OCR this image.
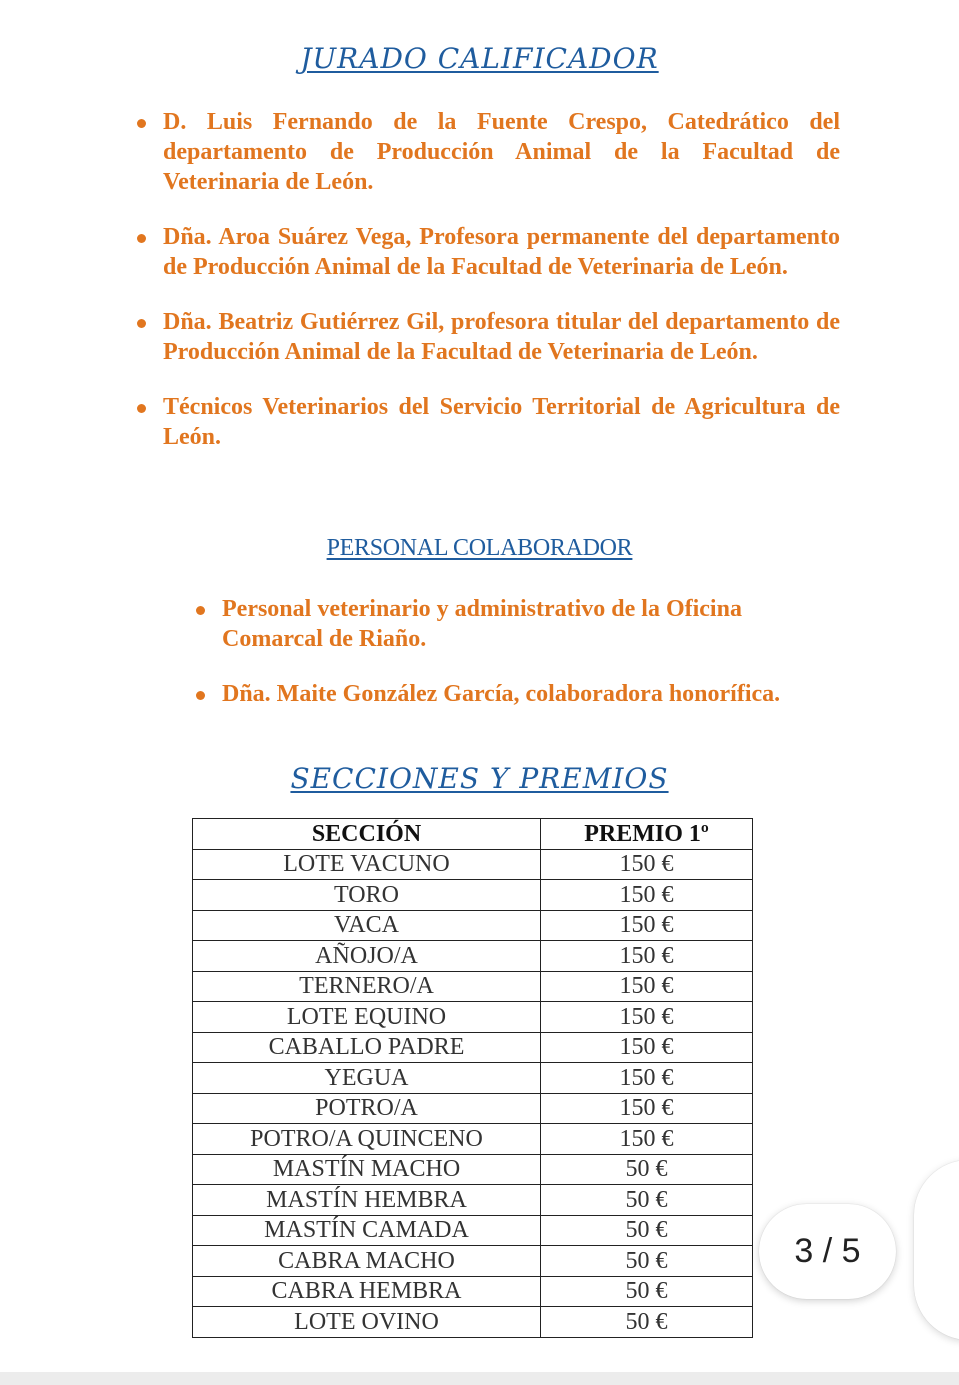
JURADO CALIFICADOR
D. Luis Fernando de la Fuente Crespo, Catedrático del departamento de Producción Animal de la Facultad de Veterinaria de León.
Dña. Aroa Suárez Vega, Profesora permanente del departamento de Producción Animal de la Facultad de Veterinaria de León.
Dña. Beatriz Gutiérrez Gil, profesora titular del departamento de Producción Animal de la Facultad de Veterinaria de León.
Técnicos Veterinarios del Servicio Territorial de Agricultura de León.
PERSONAL COLABORADOR
Personal veterinario y administrativo de la Oficina Comarcal de Riaño.
Dña. Maite González García, colaboradora honorífica.
SECCIONES Y PREMIOS
SECCIÓN	PREMIO 1º
LOTE VACUNO	150 €
TORO	150 €
VACA	150 €
AÑOJO/A	150 €
TERNERO/A	150 €
LOTE EQUINO	150 €
CABALLO PADRE	150 €
YEGUA	150 €
POTRO/A	150 €
POTRO/A QUINCENO	150 €
MASTÍN MACHO	50 €
MASTÍN HEMBRA	50 €
MASTÍN CAMADA	50 €
CABRA MACHO	50 €
CABRA HEMBRA	50 €
LOTE OVINO	50 €
3 / 5
